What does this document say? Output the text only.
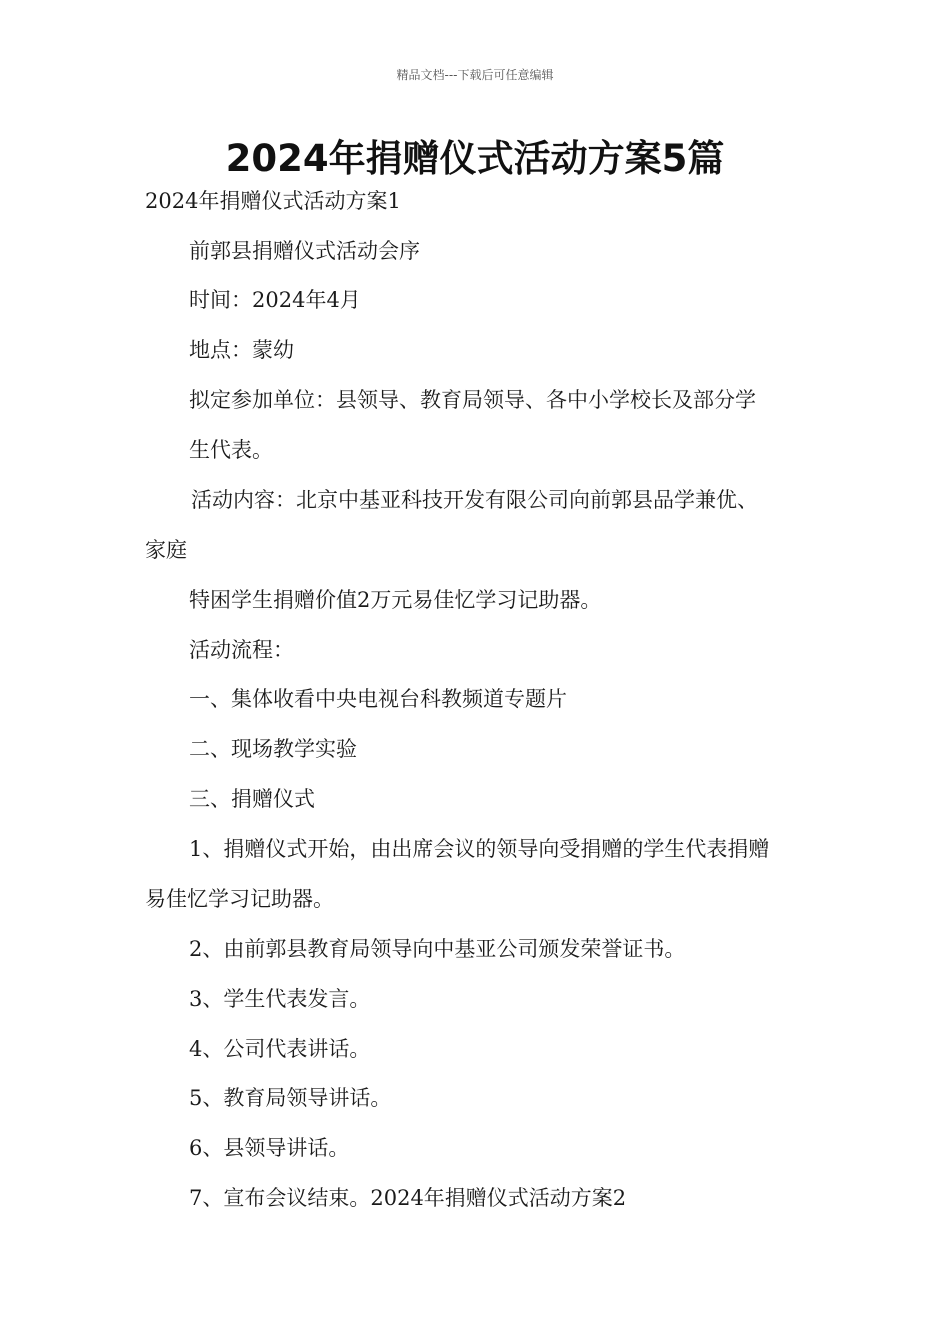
精品文档---下载后可任意编辑
2024年捐赠仪式活动方案5篇
2024年捐赠仪式活动方案1
前郭县捐赠仪式活动会序
时间：2024年4月
地点：蒙幼
拟定参加单位：县领导、教育局领导、各中小学校长及部分学
生代表。
活动内容：北京中基亚科技开发有限公司向前郭县品学兼优、
家庭
特困学生捐赠价值2万元易佳忆学习记助器。
活动流程：
一、集体收看中央电视台科教频道专题片
二、现场教学实验
三、捐赠仪式
1、捐赠仪式开始，由出席会议的领导向受捐赠的学生代表捐赠
易佳忆学习记助器。
2、由前郭县教育局领导向中基亚公司颁发荣誉证书。
3、学生代表发言。
4、公司代表讲话。
5、教育局领导讲话。
6、县领导讲话。
7、宣布会议结束。2024年捐赠仪式活动方案2
